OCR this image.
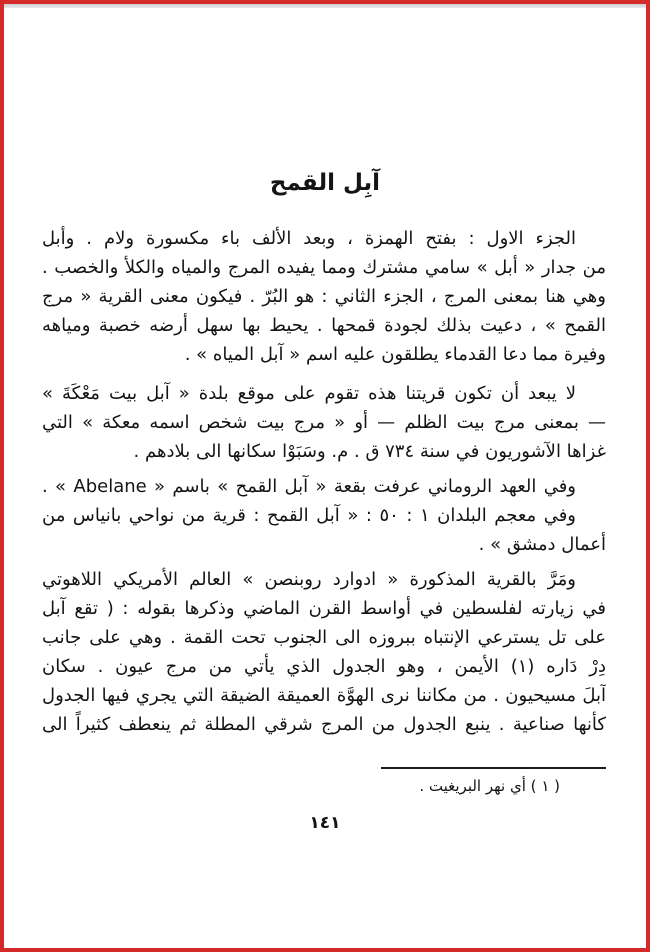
آبِل القمح
الجزء الاول : بفتح الهمزة ، وبعد الألف باء مكسورة ولام . وأبل
من جدار « أبل » سامي مشترك ومما يفيده المرج والمياه والكلأ والخصب .
وهي هنا بمعنى المرج ، الجزء الثاني : هو البُرّ . فيكون معنى القرية « مرج
القمح » ، دعيت بذلك لجودة قمحها . يحيط بها سهل أرضه خصبة ومياهه
وفيرة مما دعا القدماء يطلقون عليه اسم « آبل المياه » .
لا يبعد أن تكون قريتنا هذه تقوم على موقع بلدة « آبل بيت مَعْكَةَ »
— بمعنى مرج بيت الظلم — أو « مرج بيت شخص اسمه معكة » التي
غزاها الآشوريون في سنة ٧٣٤ ق . م. وسَبَوْا سكانها الى بلادهم .
وفي العهد الروماني عرفت بقعة « آبل القمح » باسم « Abelane » .
وفي معجم البلدان ١ : ٥٠ : « آبل القمح : قرية من نواحي بانياس من
أعمال دمشق » .
ومَرَّ بالقرية المذكورة « ادوارد روبنصن » العالم الأمريكي اللاهوتي
في زيارته لفلسطين في أواسط القرن الماضي وذكرها بقوله : ( تقع آبل
على تل يسترعي الإنتباه ببروزه الى الجنوب تحت القمة . وهي على جانب
دِرْ دَاره (١) الأيمن ، وهو الجدول الذي يأتي من مرج عيون . سكان
آبلَ مسيحيون . من مكاننا نرى الهوَّة العميقة الضيقة التي يجري فيها الجدول
كأنها صناعية . ينبع الجدول من المرج شرقي المطلة ثم ينعطف كثيراً الى
( ١ ) أي نهر البريغيت .
١٤١
